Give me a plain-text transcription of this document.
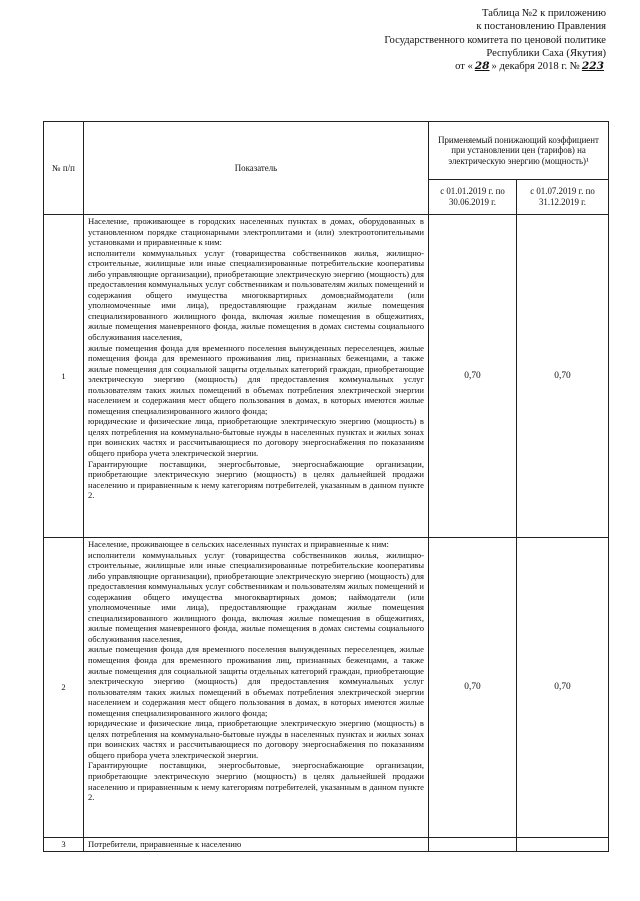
Таблица №2 к приложению
к постановлению Правления
Государственного комитета по ценовой политике
Республики Саха (Якутия)
от « 28 » декабря 2018 г. № 223
№ п/п	Показатель	Применяемый понижающий коэффициент при установлении цен (тарифов) на электрическую энергию (мощность)¹	
		с 01.01.2019 г. по 30.06.2019 г.	с 01.07.2019 г. по 31.12.2019 г.
1	Население, проживающее в городских населенных пунктах в домах, оборудованных в установленном порядке стационарными электроплитами и (или) электроотопительными установками и приравненные к ним:
исполнители коммунальных услуг (товарищества собственников жилья, жилищно-строительные, жилищные или иные специализированные потребительские кооперативы либо управляющие организации), приобретающие электрическую энергию (мощность) для предоставления коммунальных услуг собственникам и пользователям жилых помещений и содержания общего имущества многоквартирных домов;наймодатели (или уполномоченные ими лица), предоставляющие гражданам жилые помещения специализированного жилищного фонда, включая жилые помещения в общежитиях, жилые помещения маневренного фонда, жилые помещения в домах системы социального обслуживания населения,
жилые помещения фонда для временного поселения вынужденных переселенцев, жилые помещения фонда для временного проживания лиц, признанных беженцами, а также жилые помещения для социальной защиты отдельных категорий граждан, приобретающие электрическую энергию (мощность) для предоставления коммунальных услуг пользователям таких жилых помещений в объемах потребления электрической энергии населением и содержания мест общего пользования в домах, в которых имеются жилые помещения специализированного жилого фонда;
юридические и физические лица, приобретающие электрическую энергию (мощность) в целях потребления на коммунально-бытовые нужды в населенных пунктах и жилых зонах при воинских частях и рассчитывающиеся по договору энергоснабжения по показаниям общего прибора учета электрической энергии.
Гарантирующие поставщики, энергосбытовые, энергоснабжающие организации, приобретающие электрическую энергию (мощность) в целях дальнейшей продажи населению и приравненным к нему категориям потребителей, указанным в данном пункте 2.	0,70	0,70
2	Население, проживающее в сельских населенных пунктах и приравненные к ним:
исполнители коммунальных услуг (товарищества собственников жилья, жилищно-строительные, жилищные или иные специализированные потребительские кооперативы либо управляющие организации), приобретающие электрическую энергию (мощность) для предоставления коммунальных услуг собственникам и пользователям жилых помещений и содержания общего имущества многоквартирных домов; наймодатели (или уполномоченные ими лица), предоставляющие гражданам жилые помещения специализированного жилищного фонда, включая жилые помещения в общежитиях, жилые помещения маневренного фонда, жилые помещения в домах системы социального обслуживания населения,
жилые помещения фонда для временного поселения вынужденных переселенцев, жилые помещения фонда для временного проживания лиц, признанных беженцами, а также жилые помещения для социальной защиты отдельных категорий граждан, приобретающие электрическую энергию (мощность) для предоставления коммунальных услуг пользователям таких жилых помещений в объемах потребления электрической энергии населением и содержания мест общего пользования в домах, в которых имеются жилые помещения специализированного жилого фонда;
юридические и физические лица, приобретающие электрическую энергию (мощность) в целях потребления на коммунально-бытовые нужды в населенных пунктах и жилых зонах при воинских частях и рассчитывающиеся по договору энергоснабжения по показаниям общего прибора учета электрической энергии.
Гарантирующие поставщики, энергосбытовые, энергоснабжающие организации, приобретающие электрическую энергию (мощность) в целях дальнейшей продажи населению и приравненным к нему категориям потребителей, указанным в данном пункте 2.	0,70	0,70
3	Потребители, приравненные к населению		
